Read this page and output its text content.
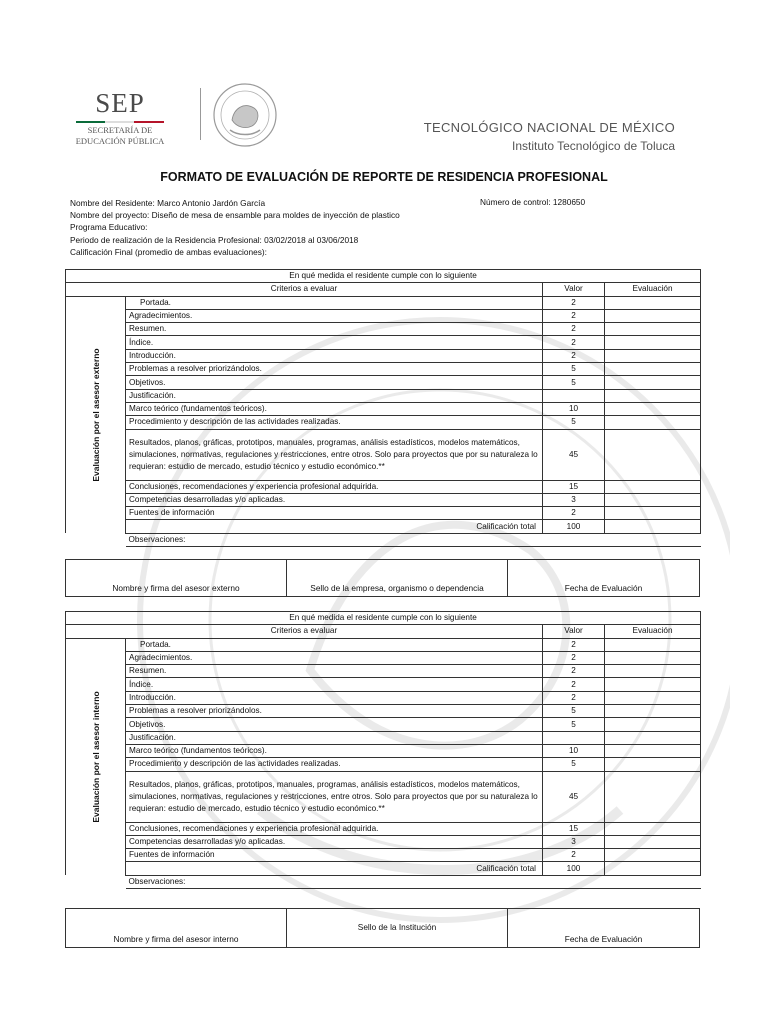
SEP
SECRETARÍA DE
EDUCACIÓN PÚBLICA
TECNOLÓGICO NACIONAL DE MÉXICO
Instituto Tecnológico de Toluca
FORMATO DE EVALUACIÓN DE REPORTE DE RESIDENCIA PROFESIONAL
Nombre del Residente: Marco Antonio Jardón García	Número de control: 1280650
Nombre del proyecto: Diseño de mesa de ensamble para moldes de inyección de plastico
Programa Educativo:
Periodo de realización de la Residencia Profesional: 03/02/2018 al 03/06/2018
Calificación Final (promedio de ambas evaluaciones):
En qué medida el residente cumple con lo siguiente			
Criterios a evaluar		Valor	Evaluación

Evaluación por el asesor externo	Portada.	2	
	Agradecimientos.	2	
	Resumen.	2	
	Índice.	2	
	Introducción.	2	
	Problemas a resolver priorizándolos.	5	
	Objetivos.	5	
	Justificación.		
	Marco teórico (fundamentos teóricos).	10	
	Procedimiento y descripción de las actividades realizadas.	5	
	Resultados, planos, gráficas, prototipos, manuales, programas, análisis estadísticos, modelos matemáticos, simulaciones, normativas, regulaciones y restricciones, entre otros. Solo para proyectos que por su naturaleza lo requieran: estudio de mercado, estudio técnico y estudio económico.**	45	
	Conclusiones, recomendaciones y experiencia profesional adquirida.	15	
	Competencias desarrolladas y/o aplicadas.	3	
	Fuentes de información	2	
	Calificación total	100	
	Observaciones:		
Nombre y firma del asesor externo	Sello de la empresa, organismo o dependencia	Fecha de Evaluación
En qué medida el residente cumple con lo siguiente			
Criterios a evaluar		Valor	Evaluación

Evaluación por el asesor interno	Portada.	2	
	Agradecimientos.	2	
	Resumen.	2	
	Índice.	2	
	Introducción.	2	
	Problemas a resolver priorizándolos.	5	
	Objetivos.	5	
	Justificación.		
	Marco teórico (fundamentos teóricos).	10	
	Procedimiento y descripción de las actividades realizadas.	5	
	Resultados, planos, gráficas, prototipos, manuales, programas, análisis estadísticos, modelos matemáticos, simulaciones, normativas, regulaciones y restricciones, entre otros. Solo para proyectos que por su naturaleza lo requieran: estudio de mercado, estudio técnico y estudio económico.**	45	
	Conclusiones, recomendaciones y experiencia profesional adquirida.	15	
	Competencias desarrolladas y/o aplicadas.	3	
	Fuentes de información	2	
	Calificación total	100	
	Observaciones:		
Nombre y firma del asesor interno	Sello de la Institución	Fecha de Evaluación
